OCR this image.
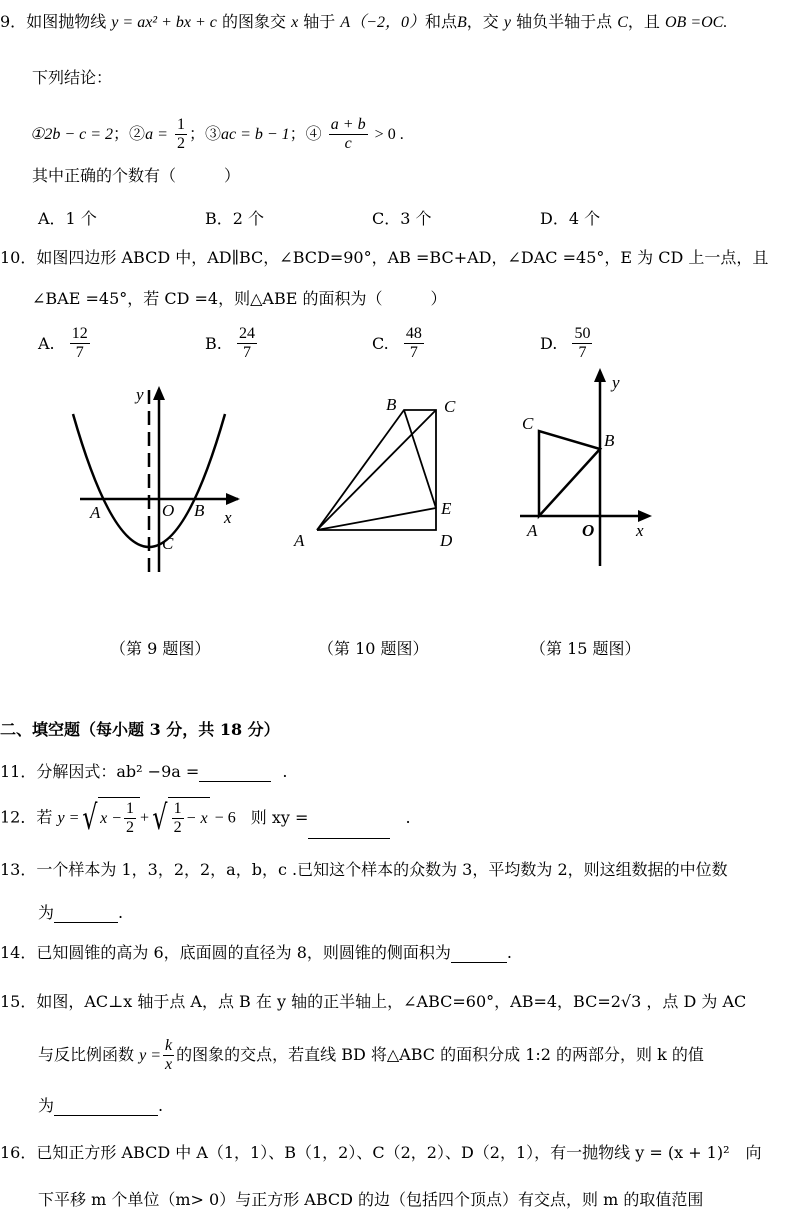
9．如图抛物线 y = ax² + bx + c 的图象交 x 轴于 A（−2，0）和点B，交 y 轴负半轴于点 C，且 OB =OC.
下列结论：
①2b − c = 2；②a = $\frac{1}{2}$ ；③ac = b − 1；④ $\frac{a + b}{c} > 0$ .
其中正确的个数有（　　　）
A．1 个	B．2 个	C．3 个	D．4 个
10．如图四边形 ABCD 中，AD∥BC，∠BCD=90°，AB =BC+AD，∠DAC =45°，E 为 CD 上一点，且
∠BAE =45°，若 CD =4，则△ABE 的面积为（　　　）
A. $\frac{12}{7}$	B. $\frac{24}{7}$	C. $\frac{48}{7}$	D. $\frac{50}{7}$
y
x
A	O B
C	A
B	C
D
E
y
x
A	O
B
C
（第 9 题图）	（第 10 题图）	（第 15 题图）
二、填空题（每小题 3 分，共 18 分）
11．分解因式：ab² −9a =	.
12．若 y =√ $x - \frac{1}{2}$ +√ $\frac{1}{2} - x - 6$ 则 xy =	.
13．一个样本为 1，3，2，2，a，b，c .已知这个样本的众数为 3，平均数为 2，则这组数据的中位数
为	.
14．已知圆锥的高为 6，底面圆的直径为 8，则圆锥的侧面积为	.
15．如图，AC⊥x 轴于点 A，点 B 在 y 轴的正半轴上，∠ABC=60°，AB=4，BC=2√3 ，点 D 为 AC
与反比例函数 $y = \frac{k}{x}$ 的图象的交点，若直线 BD 将△ABC 的面积分成 1:2 的两部分，则 k 的值
为	.
16．已知正方形 ABCD 中 A（1，1）、B（1，2）、C（2，2）、D（2，1），有一抛物线 y = (x + 1)²　向
下平移 m 个单位（m> 0）与正方形 ABCD 的边（包括四个顶点）有交点，则 m 的取值范围
